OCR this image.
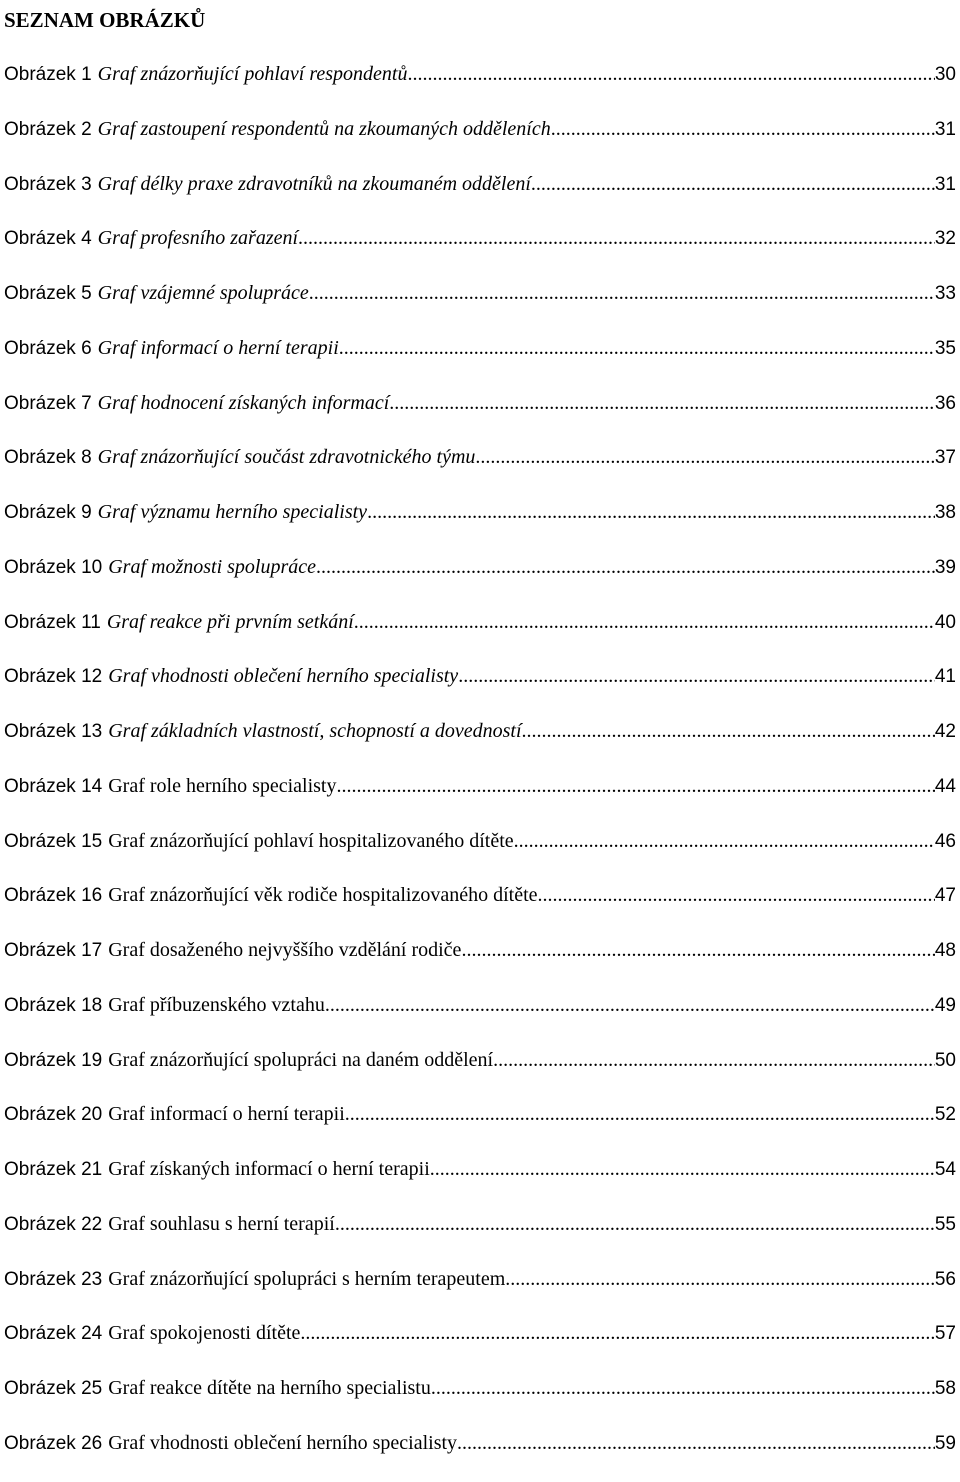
SEZNAM OBRÁZKŮ
Obrázek 1 Graf znázorňující pohlaví respondentů .....	30
Obrázek 2 Graf zastoupení respondentů na zkoumaných odděleních .....	31
Obrázek 3 Graf délky praxe zdravotníků na zkoumaném oddělení .....	31
Obrázek 4 Graf profesního zařazení .....	32
Obrázek 5 Graf vzájemné spolupráce .....	33
Obrázek 6 Graf informací o herní terapii .....	35
Obrázek 7 Graf hodnocení získaných informací .....	36
Obrázek 8 Graf znázorňující součást zdravotnického týmu .....	37
Obrázek 9 Graf významu herního specialisty .....	38
Obrázek 10 Graf možnosti spolupráce .....	39
Obrázek 11 Graf reakce při prvním setkání .....	40
Obrázek 12 Graf vhodnosti oblečení herního specialisty .....	41
Obrázek 13 Graf základních vlastností, schopností a dovedností .....	42
Obrázek 14 Graf role herního specialisty .....	44
Obrázek 15 Graf znázorňující pohlaví hospitalizovaného dítěte .....	46
Obrázek 16 Graf znázorňující věk rodiče hospitalizovaného dítěte .....	47
Obrázek 17 Graf dosaženého nejvyššího vzdělání rodiče .....	48
Obrázek 18 Graf příbuzenského vztahu .....	49
Obrázek 19 Graf znázorňující spolupráci na daném oddělení .....	50
Obrázek 20 Graf informací o herní terapii .....	52
Obrázek 21 Graf získaných informací o herní terapii .....	54
Obrázek 22 Graf souhlasu s herní terapií .....	55
Obrázek 23 Graf znázorňující spolupráci s herním terapeutem .....	56
Obrázek 24 Graf spokojenosti dítěte .....	57
Obrázek 25 Graf reakce dítěte na herního specialistu .....	58
Obrázek 26 Graf vhodnosti oblečení herního specialisty .....	59
